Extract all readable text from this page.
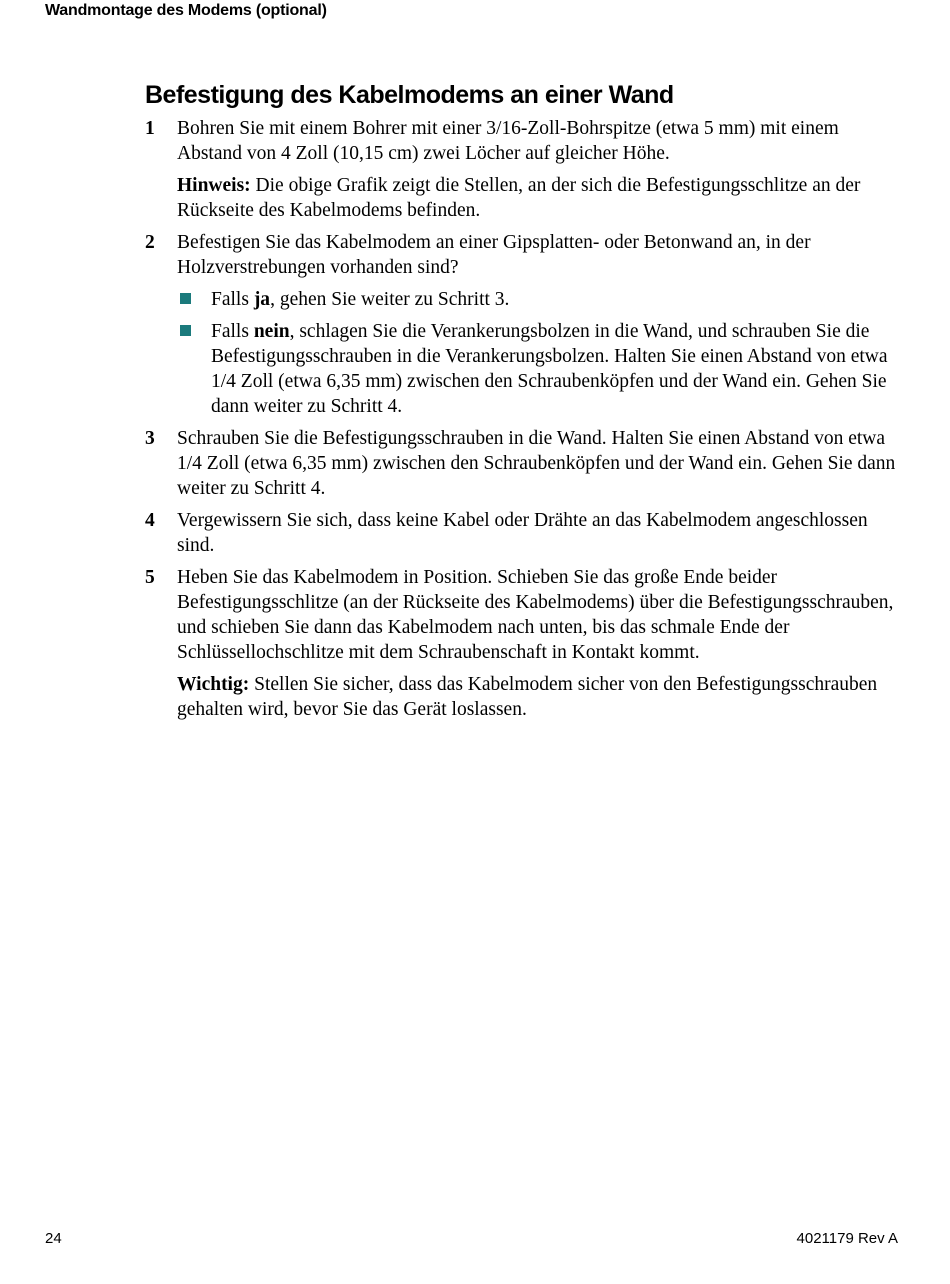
Wandmontage des Modems (optional)
Befestigung des Kabelmodems an einer Wand
1 Bohren Sie mit einem Bohrer mit einer 3/16-Zoll-Bohrspitze (etwa 5 mm) mit einem Abstand von 4 Zoll (10,15 cm) zwei Löcher auf gleicher Höhe.

Hinweis: Die obige Grafik zeigt die Stellen, an der sich die Befestigungsschlitze an der Rückseite des Kabelmodems befinden.

2 Befestigen Sie das Kabelmodem an einer Gipsplatten- oder Betonwand an, in der Holzverstrebungen vorhanden sind?

Falls ja, gehen Sie weiter zu Schritt 3.
Falls nein, schlagen Sie die Verankerungsbolzen in die Wand, und schrauben Sie die Befestigungsschrauben in die Verankerungsbolzen. Halten Sie einen Abstand von etwa 1/4 Zoll (etwa 6,35 mm) zwischen den Schraubenköpfen und der Wand ein. Gehen Sie dann weiter zu Schritt 4.
3 Schrauben Sie die Befestigungsschrauben in die Wand. Halten Sie einen Abstand von etwa 1/4 Zoll (etwa 6,35 mm) zwischen den Schraubenköpfen und der Wand ein. Gehen Sie dann weiter zu Schritt 4.

4 Vergewissern Sie sich, dass keine Kabel oder Drähte an das Kabelmodem angeschlossen sind.

5 Heben Sie das Kabelmodem in Position. Schieben Sie das große Ende beider Befestigungsschlitze (an der Rückseite des Kabelmodems) über die Befestigungsschrauben, und schieben Sie dann das Kabelmodem nach unten, bis das schmale Ende der Schlüssellochschlitze mit dem Schraubenschaft in Kontakt kommt.

Wichtig: Stellen Sie sicher, dass das Kabelmodem sicher von den Befestigungsschrauben gehalten wird, bevor Sie das Gerät loslassen.

24	4021179 Rev A
